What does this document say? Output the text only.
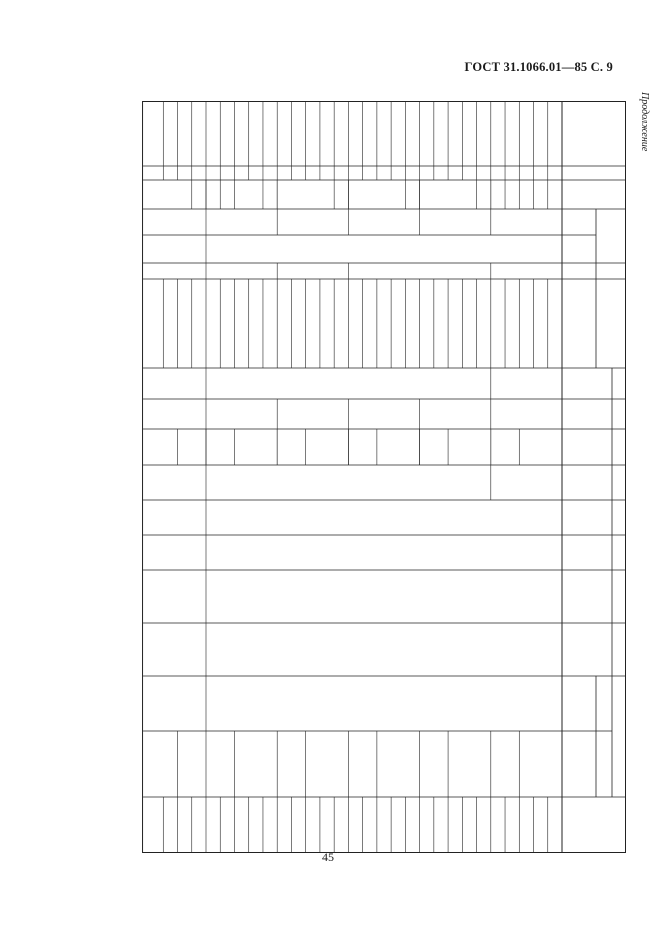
ГОСТ 31.1066.01—85 С. 9
Продолжение
45
